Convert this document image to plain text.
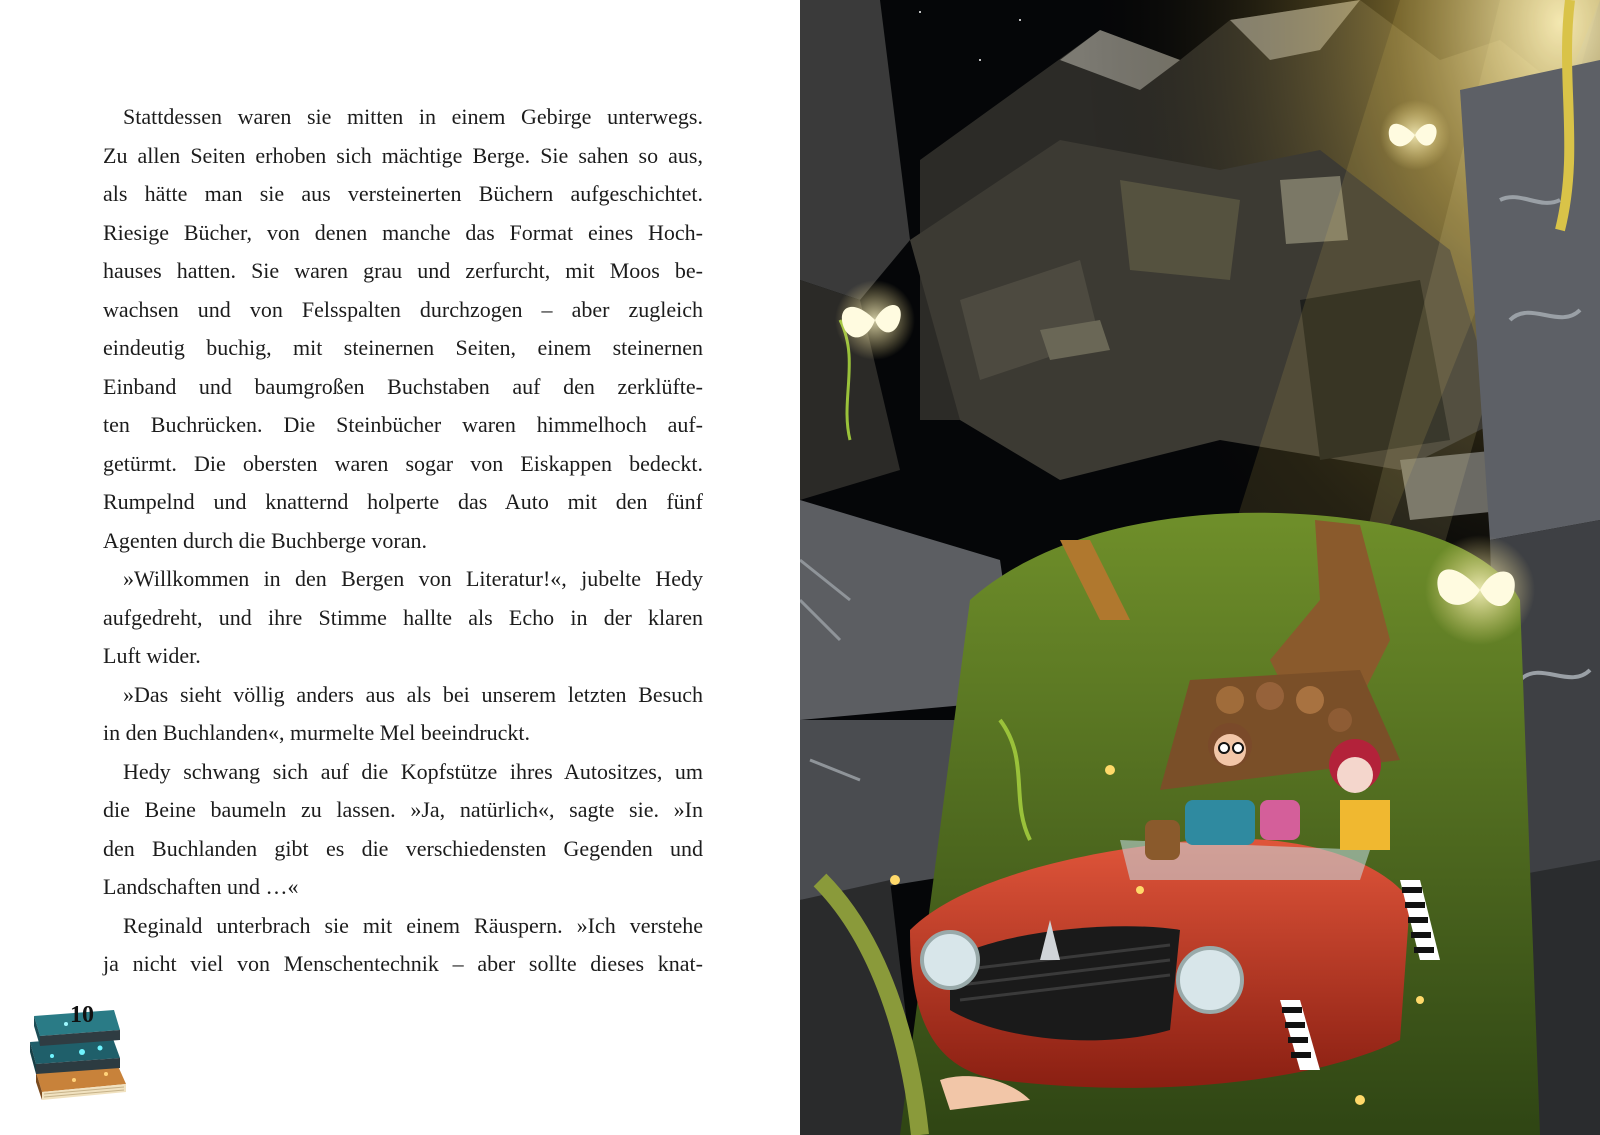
Stattdessen waren sie mitten in einem Gebirge unterwegs.
Zu allen Seiten erhoben sich mächtige Berge. Sie sahen so aus,
als hätte man sie aus versteinerten Büchern aufgeschichtet.
Riesige Bücher, von denen manche das Format eines Hoch-
hauses hatten. Sie waren grau und zerfurcht, mit Moos be-
wachsen und von Felsspalten durchzogen – aber zugleich
eindeutig buchig, mit steinernen Seiten, einem steinernen
Einband und baumgroßen Buchstaben auf den zerklüfte-
ten Buchrücken. Die Steinbücher waren himmelhoch auf-
getürmt. Die obersten waren sogar von Eiskappen bedeckt.
Rumpelnd und knatternd holperte das Auto mit den fünf
Agenten durch die Buchberge voran.
»Willkommen in den Bergen von Literatur!«, jubelte Hedy
aufgedreht, und ihre Stimme hallte als Echo in der klaren
Luft wider.
»Das sieht völlig anders aus als bei unserem letzten Besuch
in den Buchlanden«, murmelte Mel beeindruckt.
Hedy schwang sich auf die Kopfstütze ihres Autositzes, um
die Beine baumeln zu lassen. »Ja, natürlich«, sagte sie. »In
den Buchlanden gibt es die verschiedensten Gegenden und
Landschaften und …«
Reginald unterbrach sie mit einem Räuspern. »Ich verstehe
ja nicht viel von Menschentechnik – aber sollte dieses knat-
10
